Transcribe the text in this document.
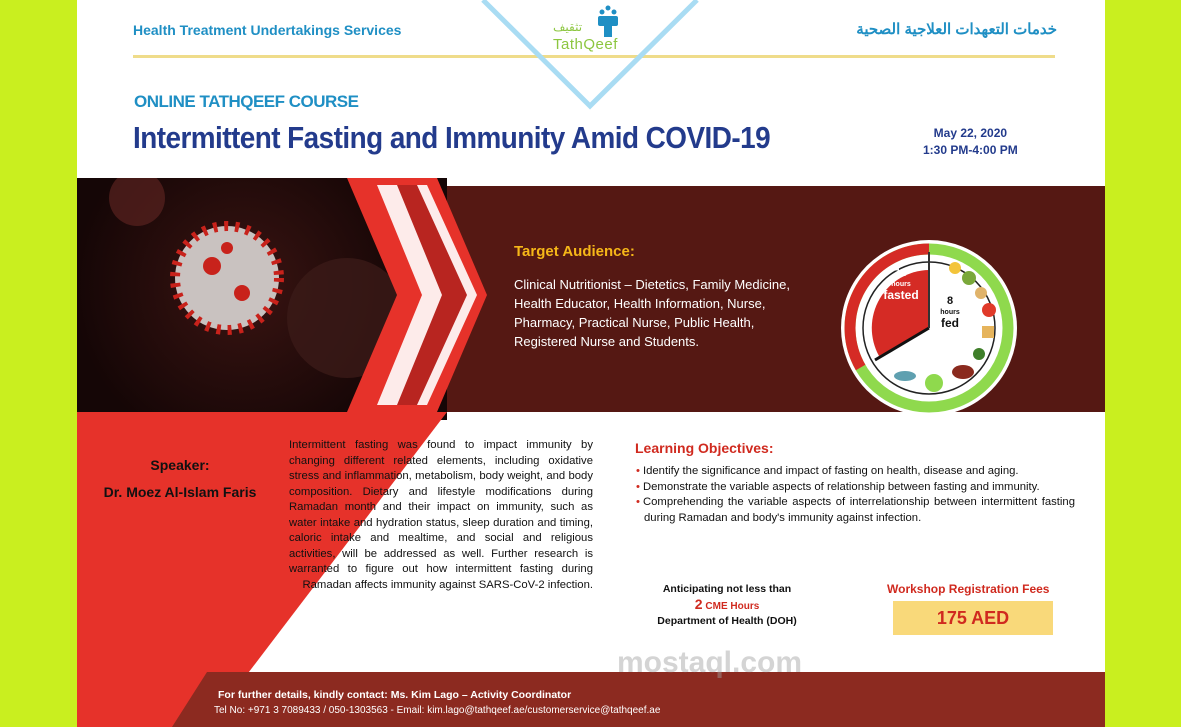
Health Treatment Undertakings Services	خدمات التعهدات العلاجية الصحية
تثقيف
TathQeef
ONLINE TATHQEEF COURSE
Intermittent Fasting and Immunity Amid COVID-19	May 22, 2020
1:30 PM-4:00 PM
Target Audience:
Clinical Nutritionist – Dietetics, Family Medicine, Health Educator, Health Information, Nurse, Pharmacy, Practical Nurse, Public Health, Registered Nurse and Students.
16
hours
fasted	8
hours
fed
Speaker:
Dr. Moez Al-Islam Faris
Intermittent fasting was found to impact immunity by changing different related elements, including oxidative stress and inflammation, metabolism, body weight, and body composition. Dietary and lifestyle modifications during Ramadan month and their impact on immunity, such as water intake and hydration status, sleep duration and timing, caloric intake and mealtime, and social and religious activities, will be addressed as well. Further research is warranted to figure out how intermittent fasting during Ramadan affects immunity against SARS-CoV-2 infection.
Learning Objectives:
• Identify the significance and impact of fasting on health, disease and aging.
• Demonstrate the variable aspects of relationship between fasting and immunity.
• Comprehending the variable aspects of interrelationship between intermittent fasting during Ramadan and body's immunity against infection.
Anticipating not less than
2 CME Hours
Department of Health (DOH)
Workshop Registration Fees
175 AED
For further details, kindly contact: Ms. Kim Lago – Activity Coordinator
Tel No: +971 3 7089433 / 050-1303563 - Email: kim.lago@tathqeef.ae/customerservice@tathqeef.ae
mostaql.com
